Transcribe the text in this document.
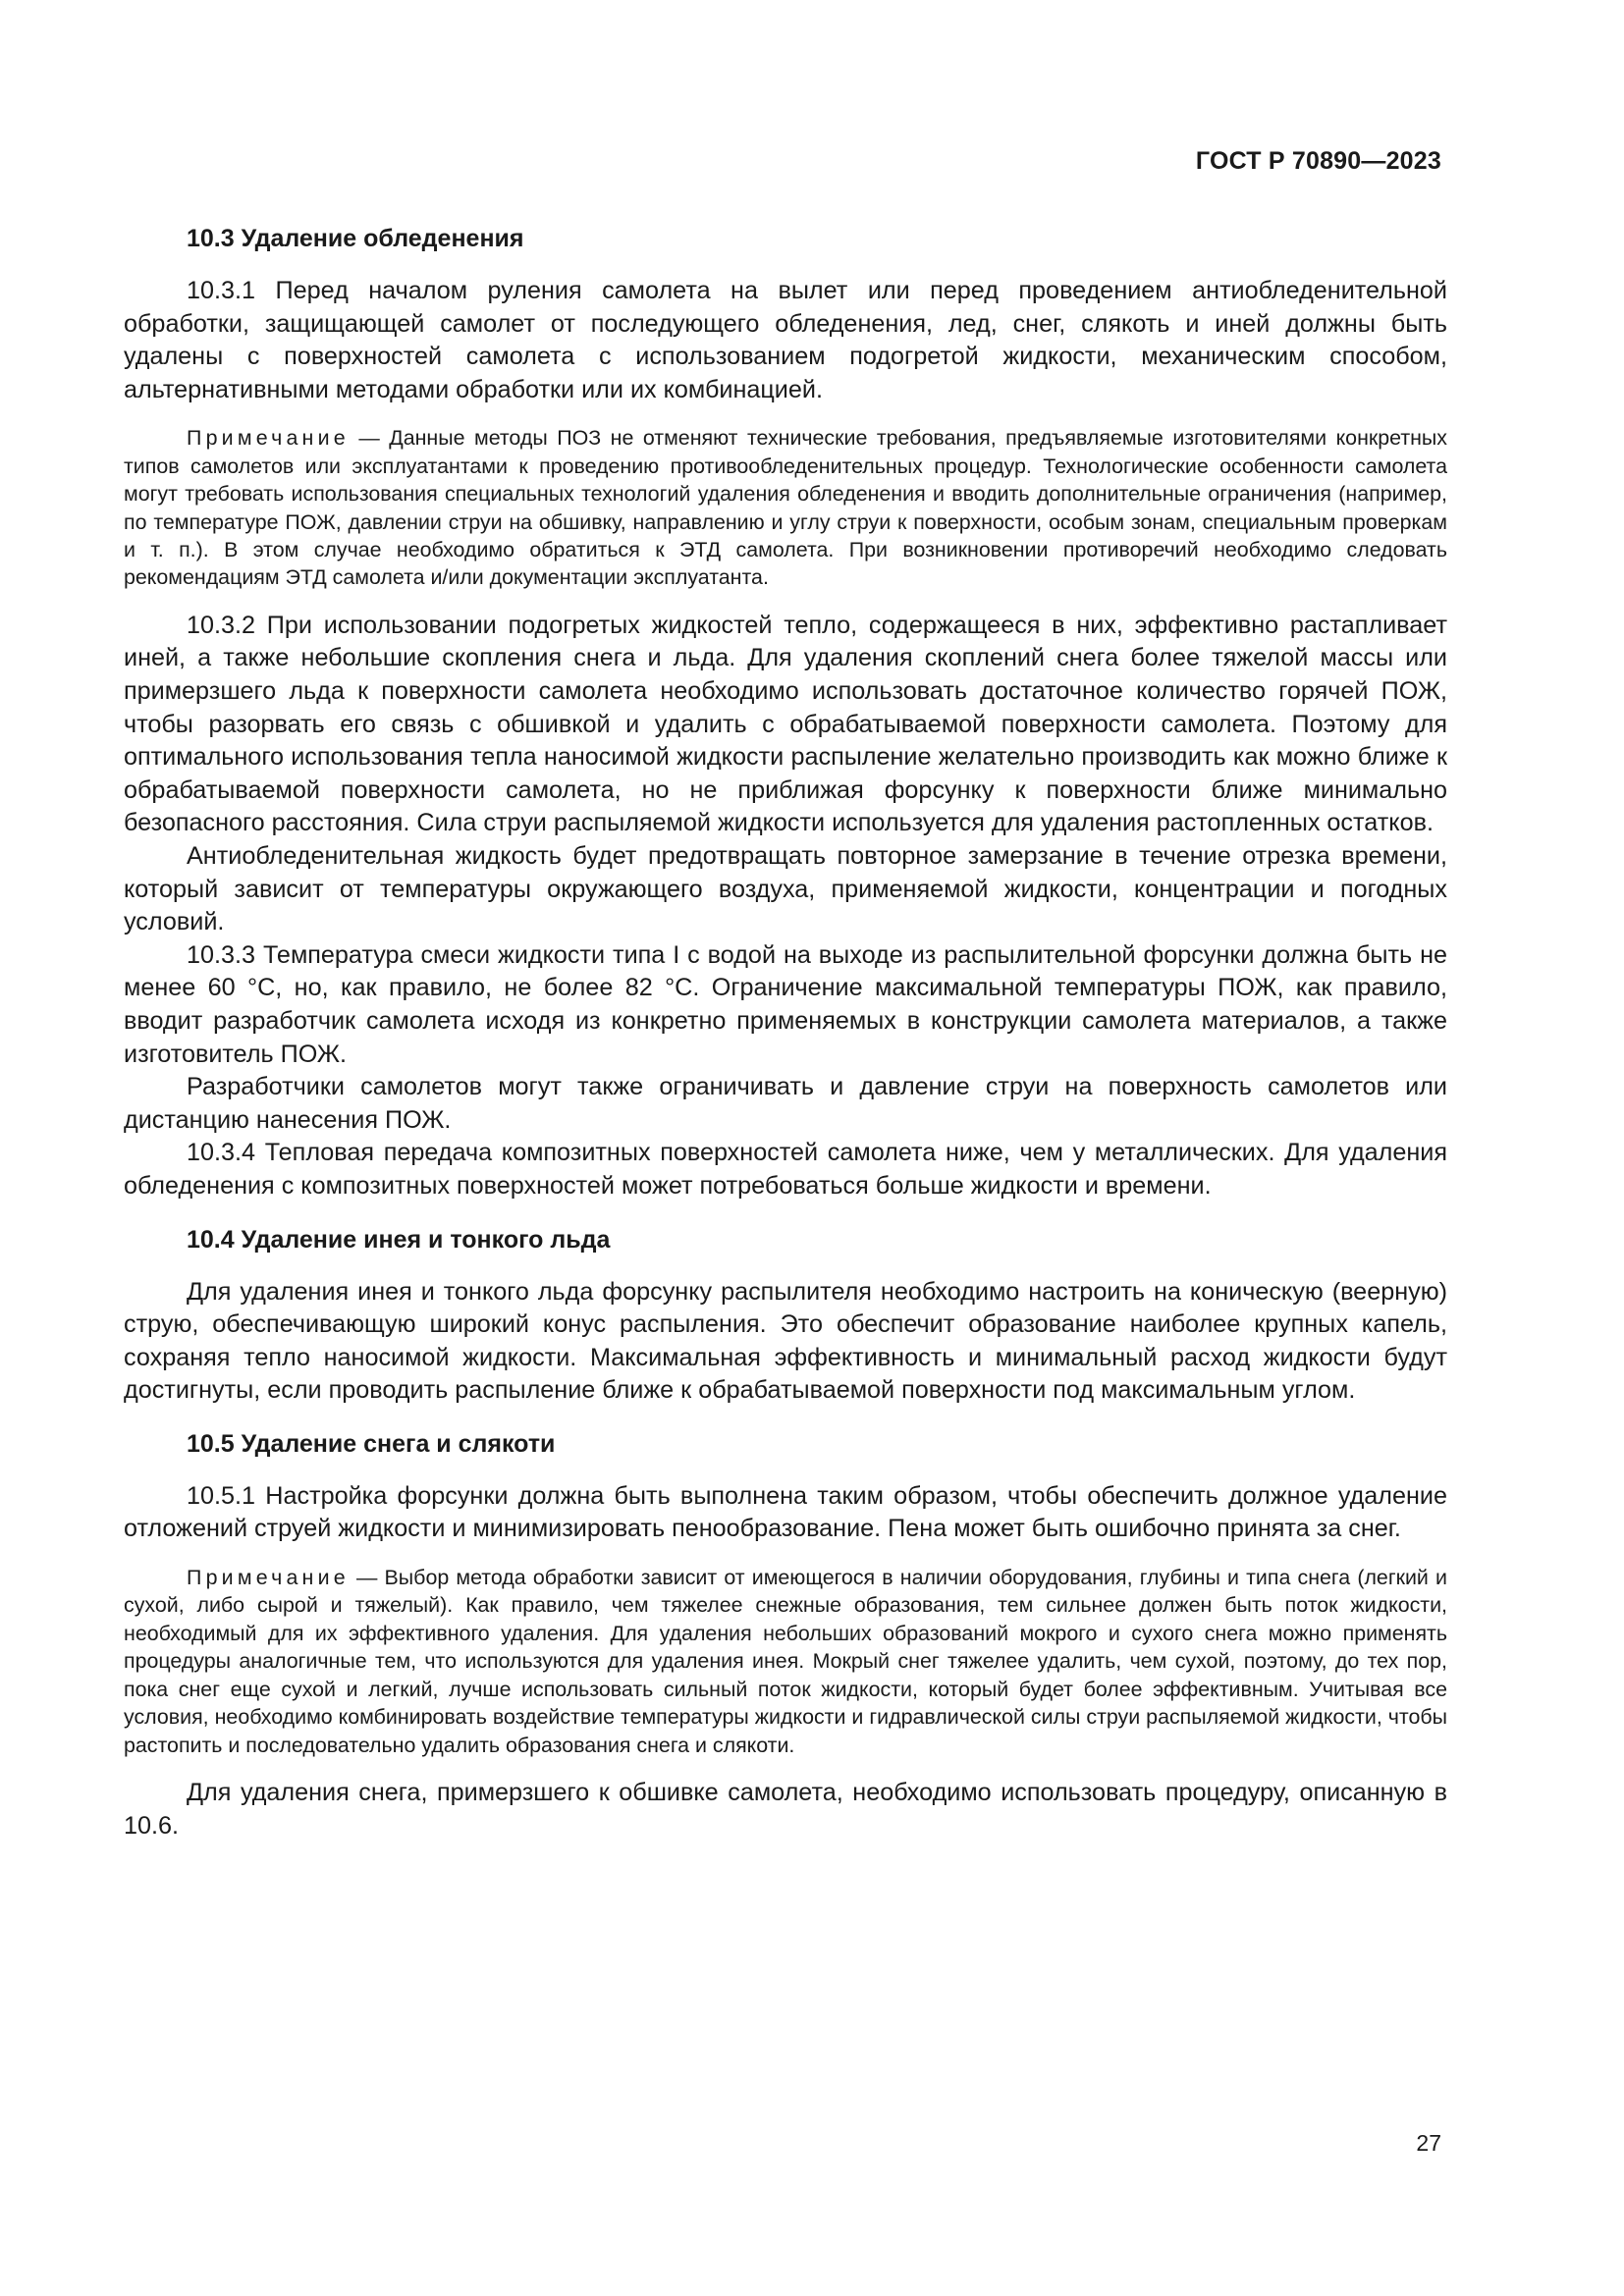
ГОСТ Р 70890—2023
10.3 Удаление обледенения

10.3.1 Перед началом руления самолета на вылет или перед проведением антиобледенительной обработки, защищающей самолет от последующего обледенения, лед, снег, слякоть и иней должны быть удалены с поверхностей самолета с использованием подогретой жидкости, механическим способом, альтернативными методами обработки или их комбинацией.

Примечание — Данные методы ПОЗ не отменяют технические требования, предъявляемые изготовителями конкретных типов самолетов или эксплуатантами к проведению противообледенительных процедур. Технологические особенности самолета могут требовать использования специальных технологий удаления обледенения и вводить дополнительные ограничения (например, по температуре ПОЖ, давлении струи на обшивку, направлению и углу струи к поверхности, особым зонам, специальным проверкам и т. п.). В этом случае необходимо обратиться к ЭТД самолета. При возникновении противоречий необходимо следовать рекомендациям ЭТД самолета и/или документации эксплуатанта.

10.3.2 При использовании подогретых жидкостей тепло, содержащееся в них, эффективно растапливает иней, а также небольшие скопления снега и льда. Для удаления скоплений снега более тяжелой массы или примерзшего льда к поверхности самолета необходимо использовать достаточное количество горячей ПОЖ, чтобы разорвать его связь с обшивкой и удалить с обрабатываемой поверхности самолета. Поэтому для оптимального использования тепла наносимой жидкости распыление желательно производить как можно ближе к обрабатываемой поверхности самолета, но не приближая форсунку к поверхности ближе минимально безопасного расстояния. Сила струи распыляемой жидкости используется для удаления растопленных остатков.

Антиобледенительная жидкость будет предотвращать повторное замерзание в течение отрезка времени, который зависит от температуры окружающего воздуха, применяемой жидкости, концентрации и погодных условий.

10.3.3 Температура смеси жидкости типа I с водой на выходе из распылительной форсунки должна быть не менее 60 °C, но, как правило, не более 82 °C. Ограничение максимальной температуры ПОЖ, как правило, вводит разработчик самолета исходя из конкретно применяемых в конструкции самолета материалов, а также изготовитель ПОЖ.

Разработчики самолетов могут также ограничивать и давление струи на поверхность самолетов или дистанцию нанесения ПОЖ.

10.3.4 Тепловая передача композитных поверхностей самолета ниже, чем у металлических. Для удаления обледенения с композитных поверхностей может потребоваться больше жидкости и времени.

10.4 Удаление инея и тонкого льда

Для удаления инея и тонкого льда форсунку распылителя необходимо настроить на коническую (веерную) струю, обеспечивающую широкий конус распыления. Это обеспечит образование наиболее крупных капель, сохраняя тепло наносимой жидкости. Максимальная эффективность и минимальный расход жидкости будут достигнуты, если проводить распыление ближе к обрабатываемой поверхности под максимальным углом.

10.5 Удаление снега и слякоти

10.5.1 Настройка форсунки должна быть выполнена таким образом, чтобы обеспечить должное удаление отложений струей жидкости и минимизировать пенообразование. Пена может быть ошибочно принята за снег.

Примечание — Выбор метода обработки зависит от имеющегося в наличии оборудования, глубины и типа снега (легкий и сухой, либо сырой и тяжелый). Как правило, чем тяжелее снежные образования, тем сильнее должен быть поток жидкости, необходимый для их эффективного удаления. Для удаления небольших образований мокрого и сухого снега можно применять процедуры аналогичные тем, что используются для удаления инея. Мокрый снег тяжелее удалить, чем сухой, поэтому, до тех пор, пока снег еще сухой и легкий, лучше использовать сильный поток жидкости, который будет более эффективным. Учитывая все условия, необходимо комбинировать воздействие температуры жидкости и гидравлической силы струи распыляемой жидкости, чтобы растопить и последовательно удалить образования снега и слякоти.

Для удаления снега, примерзшего к обшивке самолета, необходимо использовать процедуру, описанную в 10.6.

27
